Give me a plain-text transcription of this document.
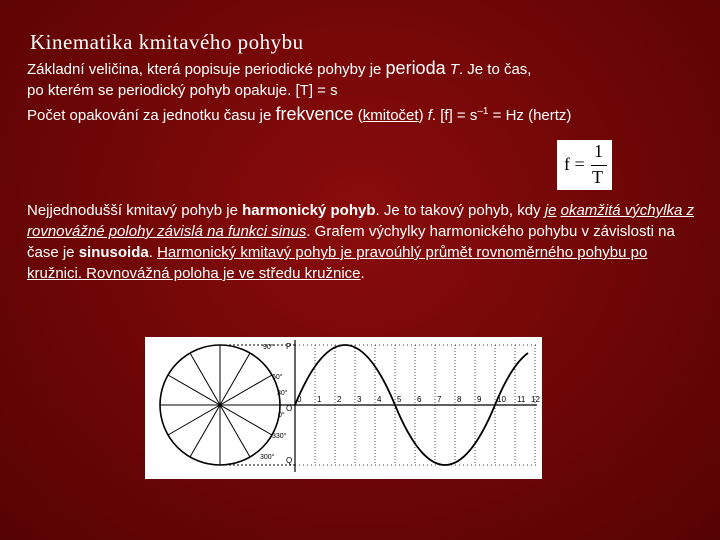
Kinematika kmitavého pohybu
Základní veličina, která popisuje periodické pohyby je perioda T. Je to čas,
po kterém se periodický pohyb opakuje. [T] = s
Počet opakování za jednotku času je frekvence (kmitočet) f. $[f] = s^{-1} = Hz$ (hertz)
f =
1
T
Nejjednodušší kmitavý pohyb je harmonický pohyb. Je to takový pohyb, kdy je okamžitá výchylka z rovnovážné polohy závislá na funkci sinus. Grafem výchylky harmonického pohybu v závislosti na čase je sinusoida. Harmonický kmitavý pohyb je pravoúhlý průmět rovnoměrného pohybu po kružnici. Rovnovážná poloha je ve středu kružnice.
P
O
Q
0 1 2 3 4 5 6 7 8 9 10 11 12
90°
60°
30°
0°
330°
300°
